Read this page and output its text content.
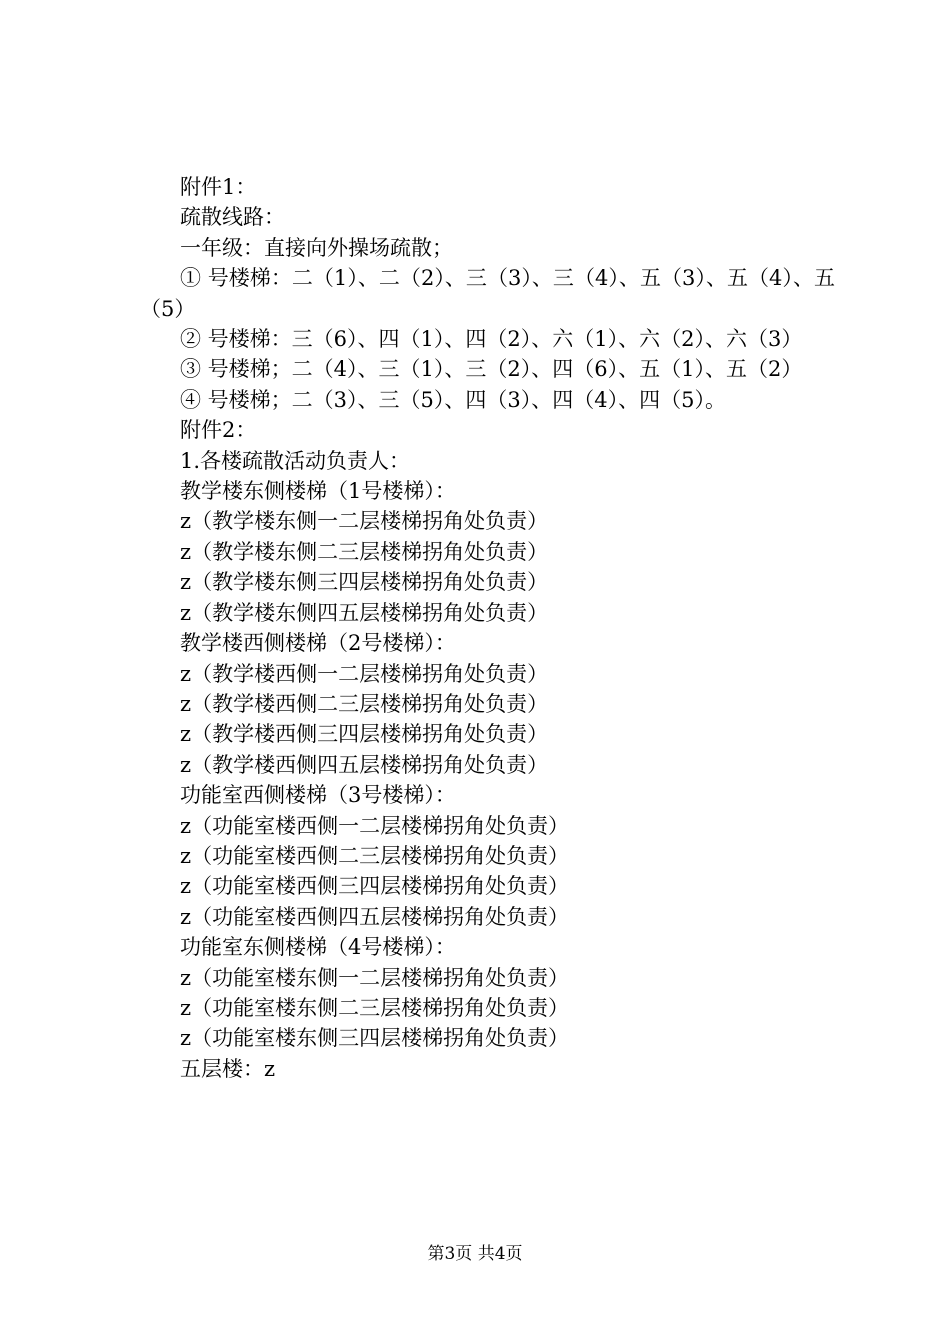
附件1：

疏散线路：

一年级：直接向外操场疏散；

① 号楼梯：二（1）、二（2）、三（3）、三（4）、五（3）、五（4）、五（5）

② 号楼梯：三（6）、四（1）、四（2）、六（1）、六（2）、六（3）

③ 号楼梯；二（4）、三（1）、三（2）、四（6）、五（1）、五（2）

④ 号楼梯；二（3）、三（5）、四（3）、四（4）、四（5）。

附件2：

1.各楼疏散活动负责人：

教学楼东侧楼梯（1号楼梯）：

z（教学楼东侧一二层楼梯拐角处负责）

z（教学楼东侧二三层楼梯拐角处负责）

z（教学楼东侧三四层楼梯拐角处负责）

z（教学楼东侧四五层楼梯拐角处负责）

教学楼西侧楼梯（2号楼梯）：

z（教学楼西侧一二层楼梯拐角处负责）

z（教学楼西侧二三层楼梯拐角处负责）

z（教学楼西侧三四层楼梯拐角处负责）

z（教学楼西侧四五层楼梯拐角处负责）

功能室西侧楼梯（3号楼梯）：

z（功能室楼西侧一二层楼梯拐角处负责）

z（功能室楼西侧二三层楼梯拐角处负责）

z（功能室楼西侧三四层楼梯拐角处负责）

z（功能室楼西侧四五层楼梯拐角处负责）

功能室东侧楼梯（4号楼梯）：

z（功能室楼东侧一二层楼梯拐角处负责）

z（功能室楼东侧二三层楼梯拐角处负责）

z（功能室楼东侧三四层楼梯拐角处负责）

五层楼：z

第3页 共4页
